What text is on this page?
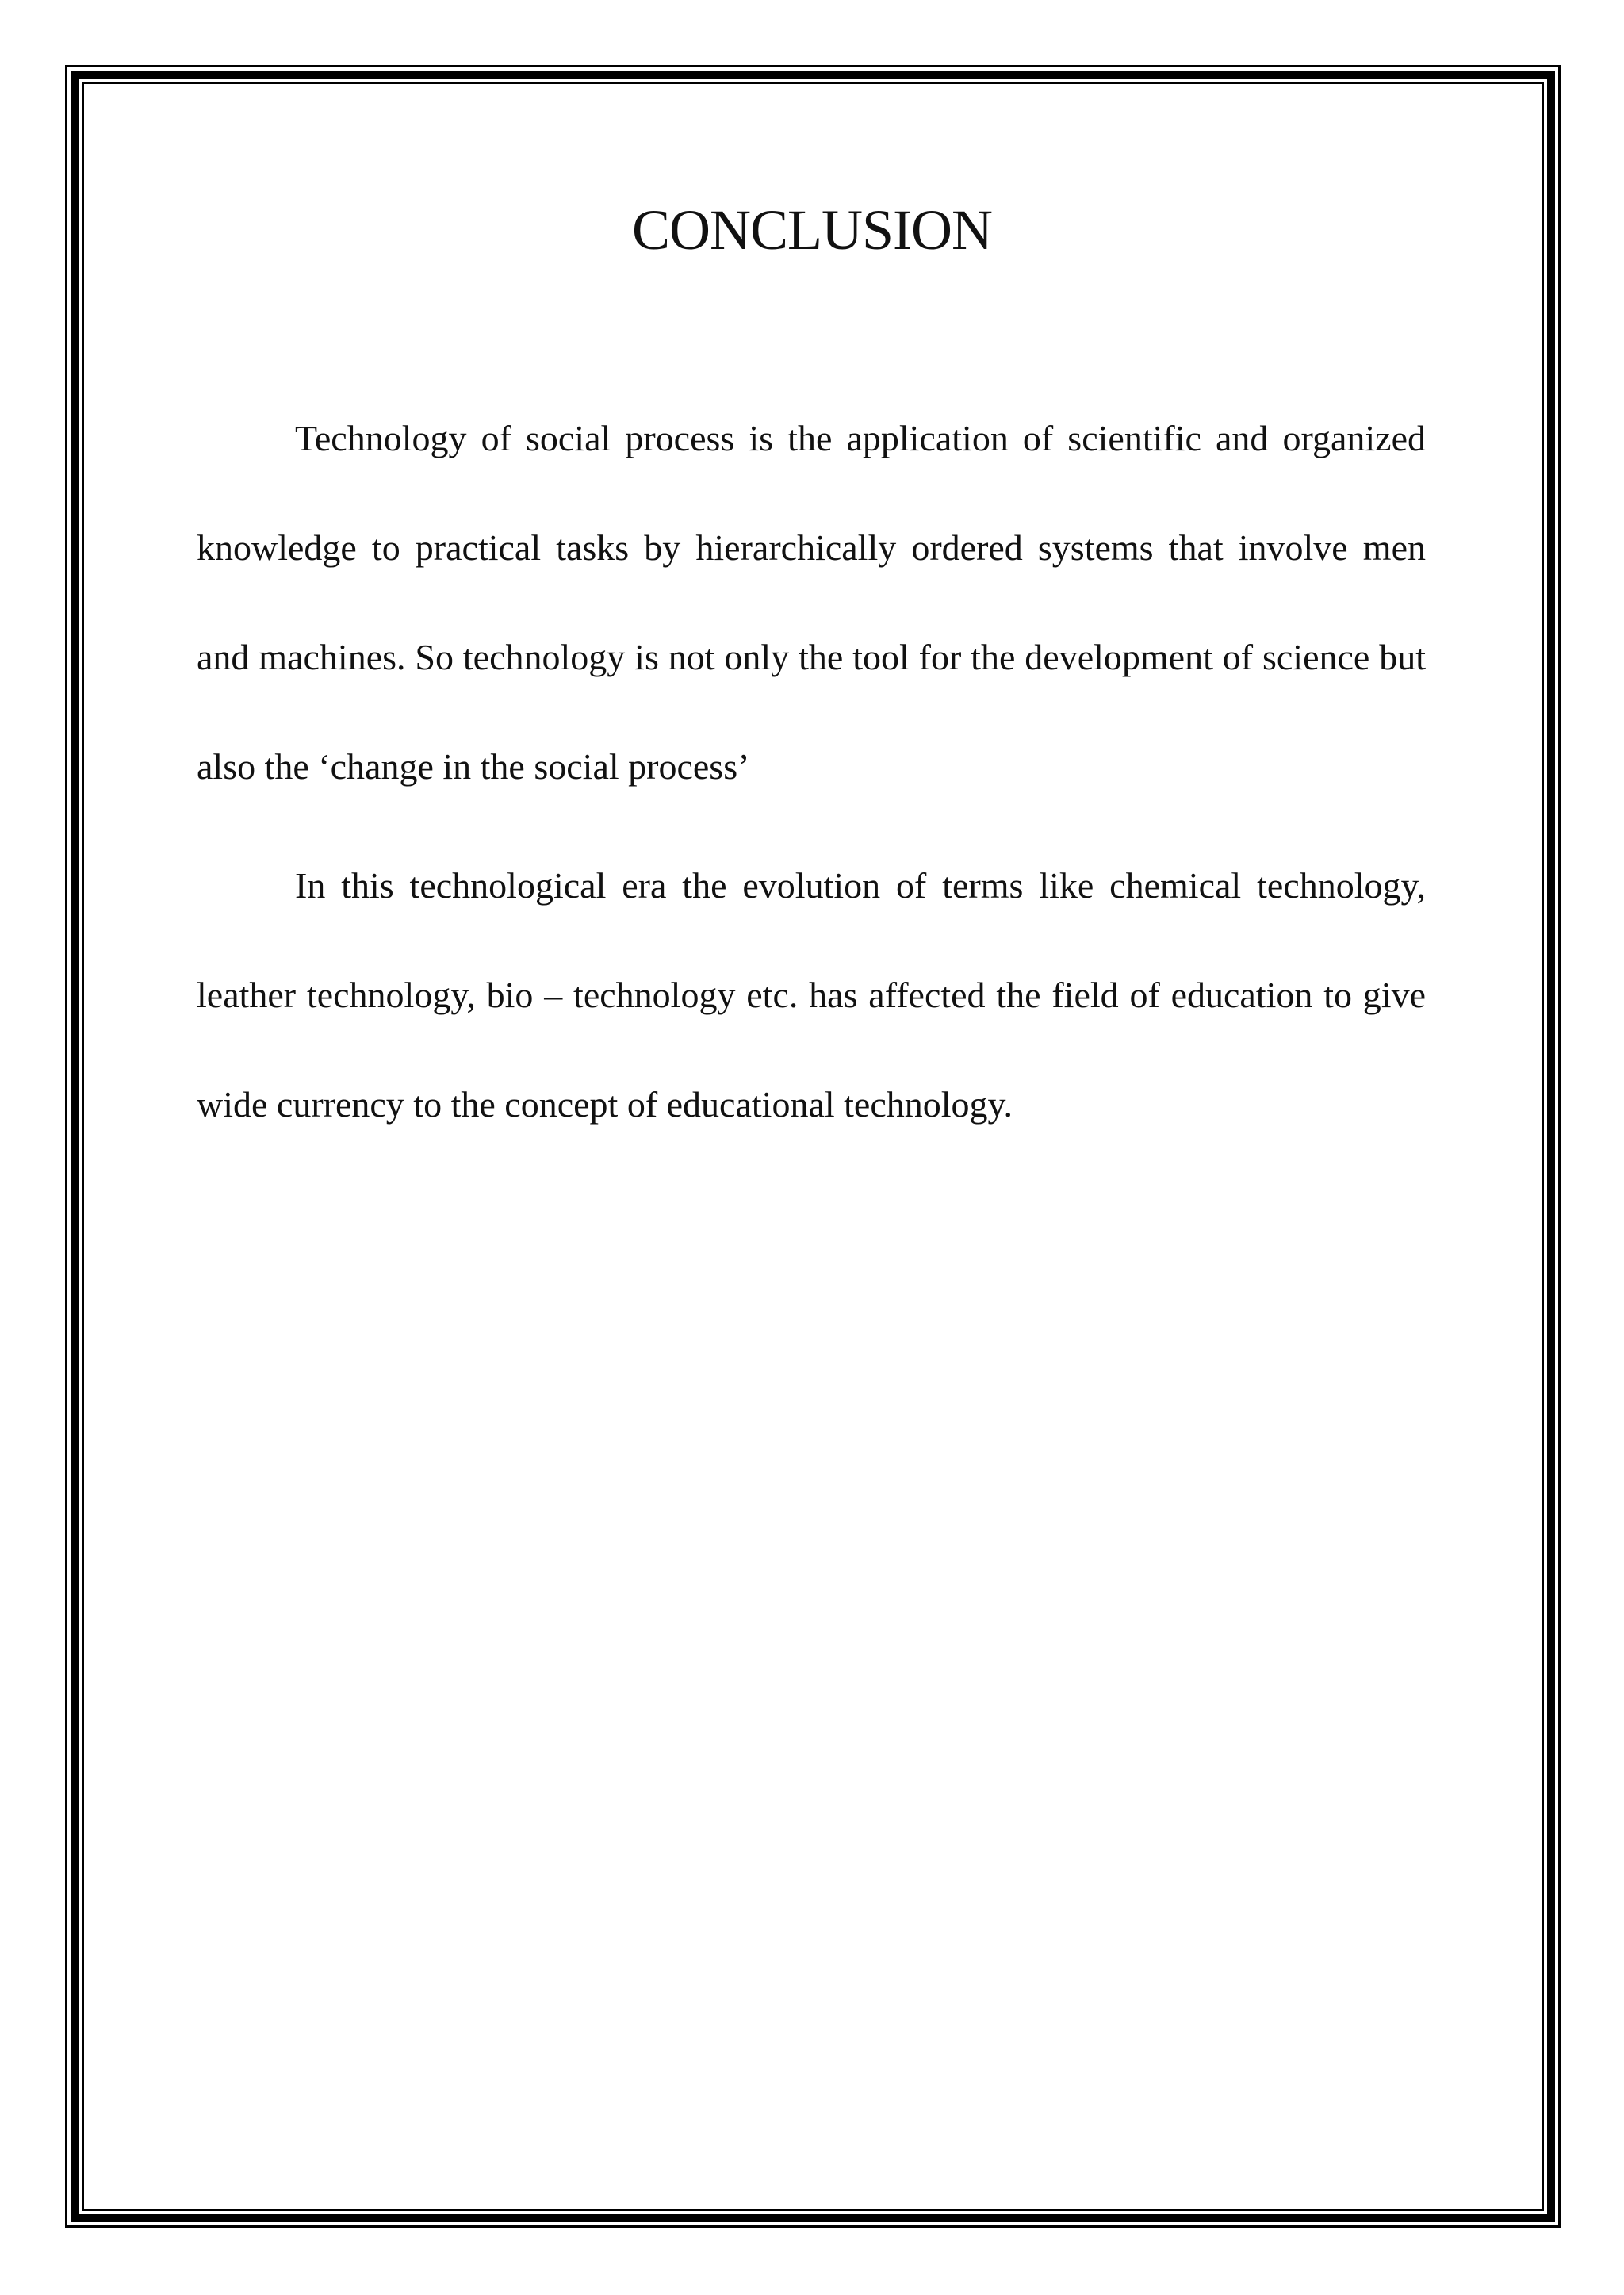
CONCLUSION

Technology of social process is the application of scientific and organized knowledge to practical tasks by hierarchically ordered systems that involve men and machines. So technology is not only the tool for the development of science but also the ‘change in the social process’

In this technological era the evolution of terms like chemical technology, leather technology, bio – technology etc. has affected the field of education to give wide currency to the concept of educational technology.
